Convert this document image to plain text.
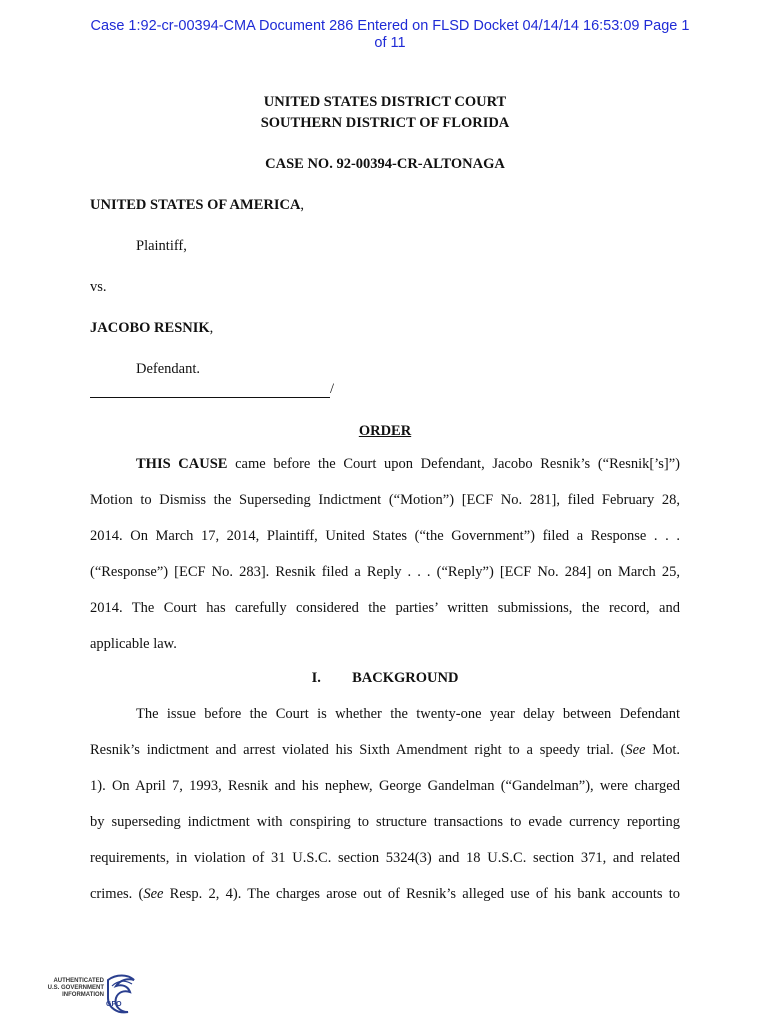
Case 1:92-cr-00394-CMA Document 286 Entered on FLSD Docket 04/14/14 16:53:09 Page 1
of 11
UNITED STATES DISTRICT COURT
SOUTHERN DISTRICT OF FLORIDA
CASE NO. 92-00394-CR-ALTONAGA
UNITED STATES OF AMERICA,
Plaintiff,
vs.
JACOBO RESNIK,
Defendant.
/
ORDER
THIS CAUSE came before the Court upon Defendant, Jacobo Resnik’s (“Resnik[’s]”)
Motion to Dismiss the Superseding Indictment (“Motion”) [ECF No. 281], filed February 28,
2014. On March 17, 2014, Plaintiff, United States (“the Government”) filed a Response . . .
(“Response”) [ECF No. 283]. Resnik filed a Reply . . . (“Reply”) [ECF No. 284] on March 25,
2014. The Court has carefully considered the parties’ written submissions, the record, and
applicable law.
I. BACKGROUND
The issue before the Court is whether the twenty-one year delay between Defendant
Resnik’s indictment and arrest violated his Sixth Amendment right to a speedy trial. (See Mot.
1). On April 7, 1993, Resnik and his nephew, George Gandelman (“Gandelman”), were charged
by superseding indictment with conspiring to structure transactions to evade currency reporting
requirements, in violation of 31 U.S.C. section 5324(3) and 18 U.S.C. section 371, and related
crimes. (See Resp. 2, 4). The charges arose out of Resnik’s alleged use of his bank accounts to
AUTHENTICATED
U.S. GOVERNMENT
INFORMATION
GPO
